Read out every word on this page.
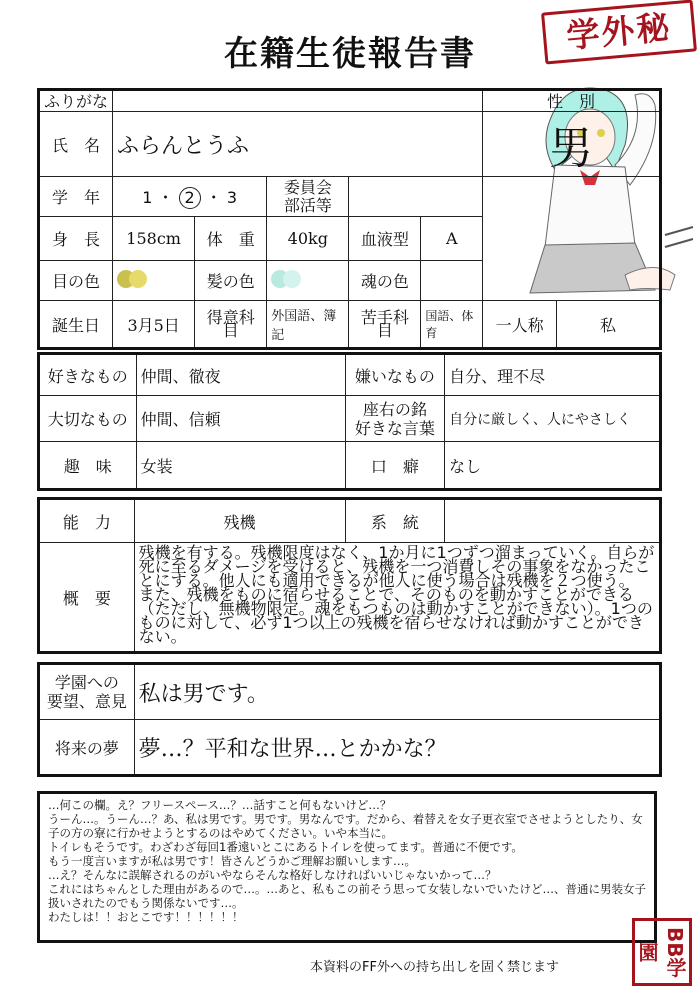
在籍生徒報告書	学外秘
ふりがな						性　別	
氏　名	ふらんとうふ					男	
学　年	1 ・ 2 ・ 3		委員会
部活等				
身　長	158cm	体　重	40kg	血液型	A		
目の色		髪の色		魂の色			
誕生日	3月5日	得意科目	外国語、簿記	苦手科目	国語、体育	一人称	私
好きなもの	仲間、徹夜	嫌いなもの	自分、理不尽
大切なもの	仲間、信頼	座右の銘
好きな言葉	自分に厳しく、人にやさしく
趣　味	女装	口　癖	なし
能　力	残機	系　統	
概　要	残機を有する。残機限度はなく、1か月に1つずつ溜まっていく。自らが死に至るダメージを受けると、残機を一つ消費しその事象をなかったことにする。他人にも適用できるが他人に使う場合は残機を２つ使う。
また、残機をものに宿らせることで、そのものを動かすことができる（ただし、無機物限定。魂をもつものは動かすことができない）。1つのものに対して、必ず1つ以上の残機を宿らせなければ動かすことができない。		
学園への
要望、意見	私は男です。
将来の夢	夢…？平和な世界…とかかな？
…何この欄。え？フリースペース…？…話すこと何もないけど…？
うーん…。うーん…？あ、私は男です。男です。男なんです。だから、着替えを女子更衣室でさせようとしたり、女子の方の寮に行かせようとするのはやめてください。いや本当に。
トイレもそうです。わざわざ毎回1番遠いとこにあるトイレを使ってます。普通に不便です。
もう一度言いますが私は男です！皆さんどうかご理解お願いします…。
…え？そんなに誤解されるのがいやならそんな格好しなければいいじゃないかって…？
これにはちゃんとした理由があるので…。…あと、私もこの前そう思って女装しないでいたけど…、普通に男装女子扱いされたのでもう関係ないです…。
わたしは！！おとこです！！！！！！
本資料のFF外への持ち出しを固く禁じます	BB学園
